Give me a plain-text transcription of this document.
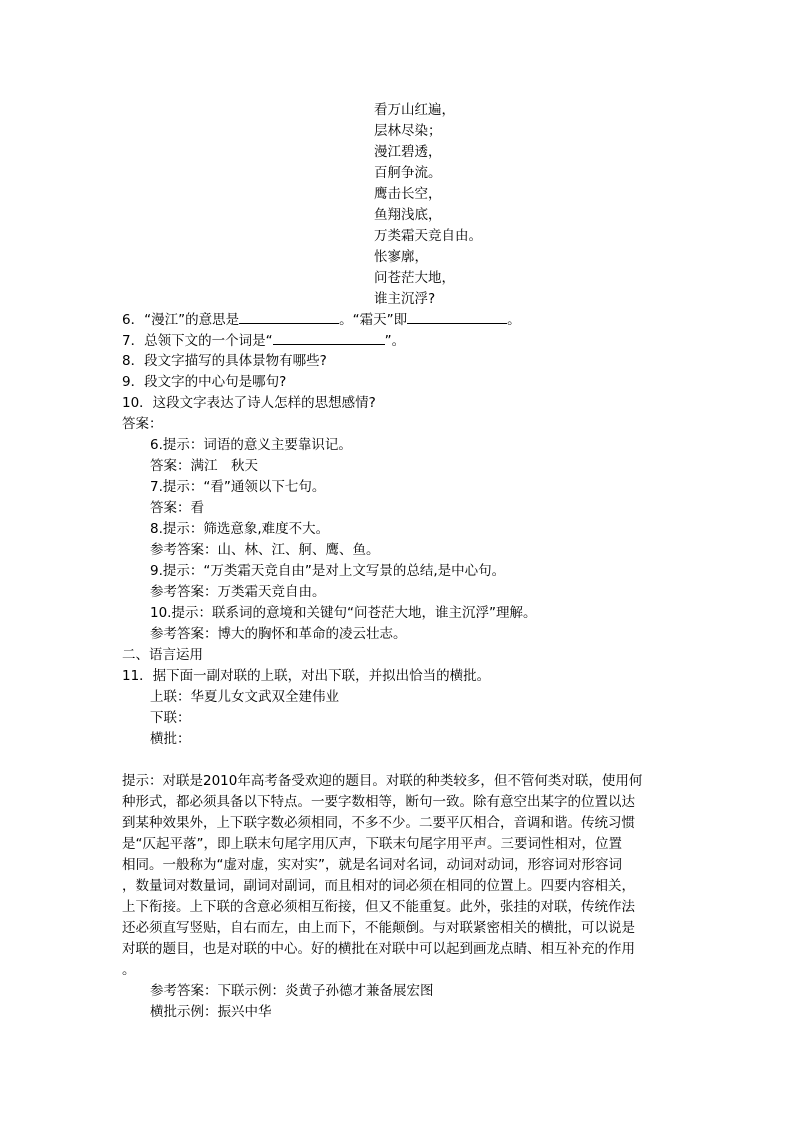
看万山红遍，
层林尽染；
漫江碧透，
百舸争流。
鹰击长空，
鱼翔浅底，
万类霜天竞自由。
怅寥廓，
问苍茫大地，
谁主沉浮?
6．“漫江”的意思是	。“霜天”即	。
7．总领下文的一个词是“	”。
8．段文字描写的具体景物有哪些?
9．段文字的中心句是哪句?
10．这段文字表达了诗人怎样的思想感情?
答案：
6.提示：词语的意义主要靠识记。
答案：满江　秋天
7.提示：“看”通领以下七句。
答案：看
8.提示：筛选意象,难度不大。
参考答案：山、林、江、舸、鹰、鱼。
9.提示：“万类霜天竞自由”是对上文写景的总结,是中心句。
参考答案：万类霜天竞自由。
10.提示：联系词的意境和关键句“问苍茫大地，谁主沉浮”理解。
参考答案：博大的胸怀和革命的凌云壮志。
二、语言运用
11．据下面一副对联的上联，对出下联，并拟出恰当的横批。
上联：华夏儿女文武双全建伟业
下联：
横批：
提示：对联是2010年高考备受欢迎的题目。对联的种类较多，但不管何类对联，使用何
种形式，都必须具备以下特点。一要字数相等，断句一致。除有意空出某字的位置以达
到某种效果外，上下联字数必须相同，不多不少。二要平仄相合，音调和谐。传统习惯
是“仄起平落”，即上联末句尾字用仄声，下联末句尾字用平声。三要词性相对，位置
相同。一般称为“虚对虚，实对实”，就是名词对名词，动词对动词，形容词对形容词
，数量词对数量词，副词对副词，而且相对的词必须在相同的位置上。四要内容相关，
上下衔接。上下联的含意必须相互衔接，但又不能重复。此外，张挂的对联，传统作法
还必须直写竖贴，自右而左，由上而下，不能颠倒。与对联紧密相关的横批，可以说是
对联的题目，也是对联的中心。好的横批在对联中可以起到画龙点睛、相互补充的作用
。
参考答案：下联示例：炎黄子孙德才兼备展宏图
横批示例：振兴中华
